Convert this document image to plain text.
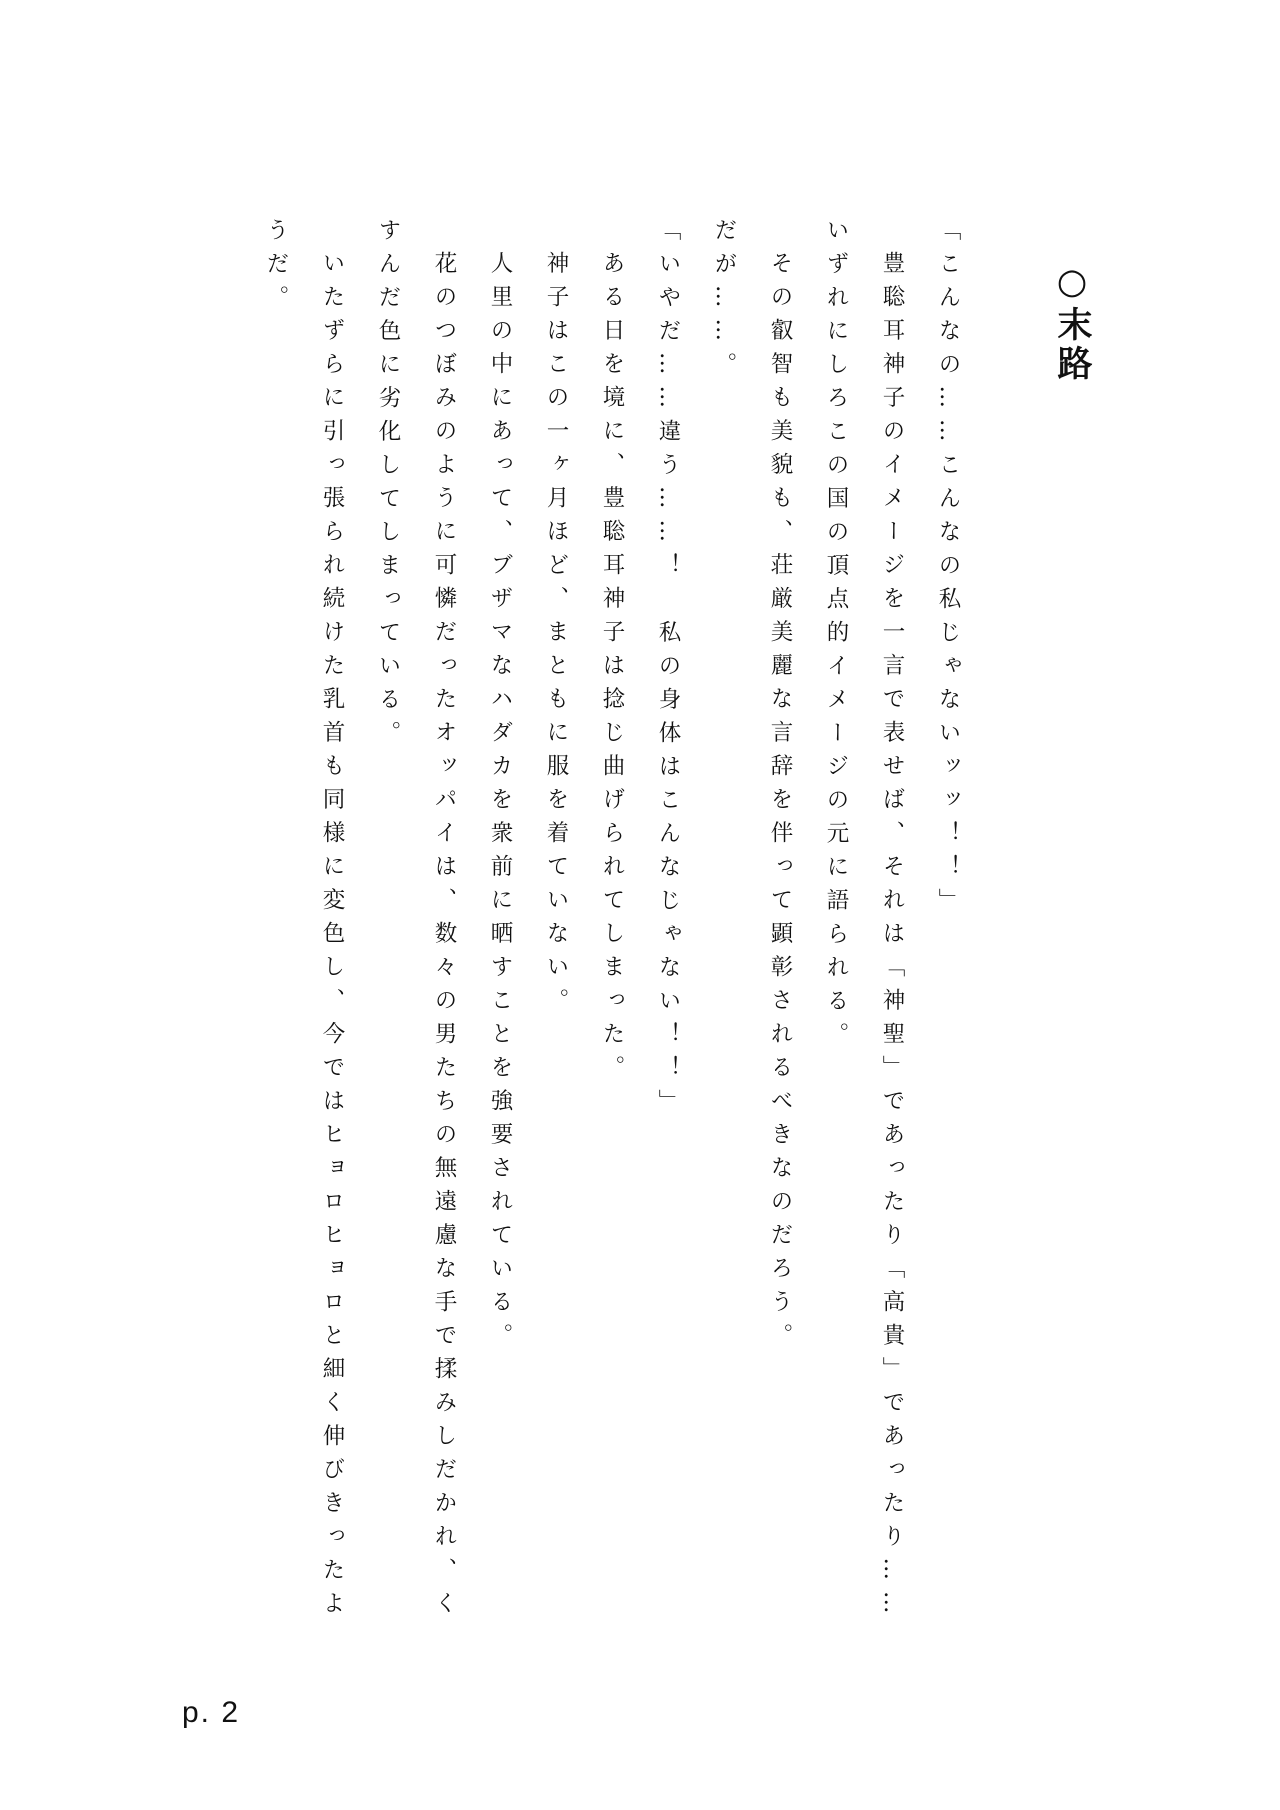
○末路

「こんなの……こんなの私じゃないッッ！！」

豊聡耳神子のイメージを一言で表せば、それは「神聖」であったり「高貴」であったり……

いずれにしろこの国の頂点的イメージの元に語られる。

その叡智も美貌も、荘厳美麗な言辞を伴って顕彰されるべきなのだろう。

だが……。

「いやだ……違う……！　私の身体はこんなじゃない！！」

ある日を境に、豊聡耳神子は捻じ曲げられてしまった。

神子はこの一ヶ月ほど、まともに服を着ていない。

人里の中にあって、ブザマなハダカを衆前に晒すことを強要されている。

花のつぼみのように可憐だったオッパイは、数々の男たちの無遠慮な手で揉みしだかれ、く

すんだ色に劣化してしまっている。

いたずらに引っ張られ続けた乳首も同様に変色し、今ではヒョロヒョロと細く伸びきったよ

うだ。

p. 2
